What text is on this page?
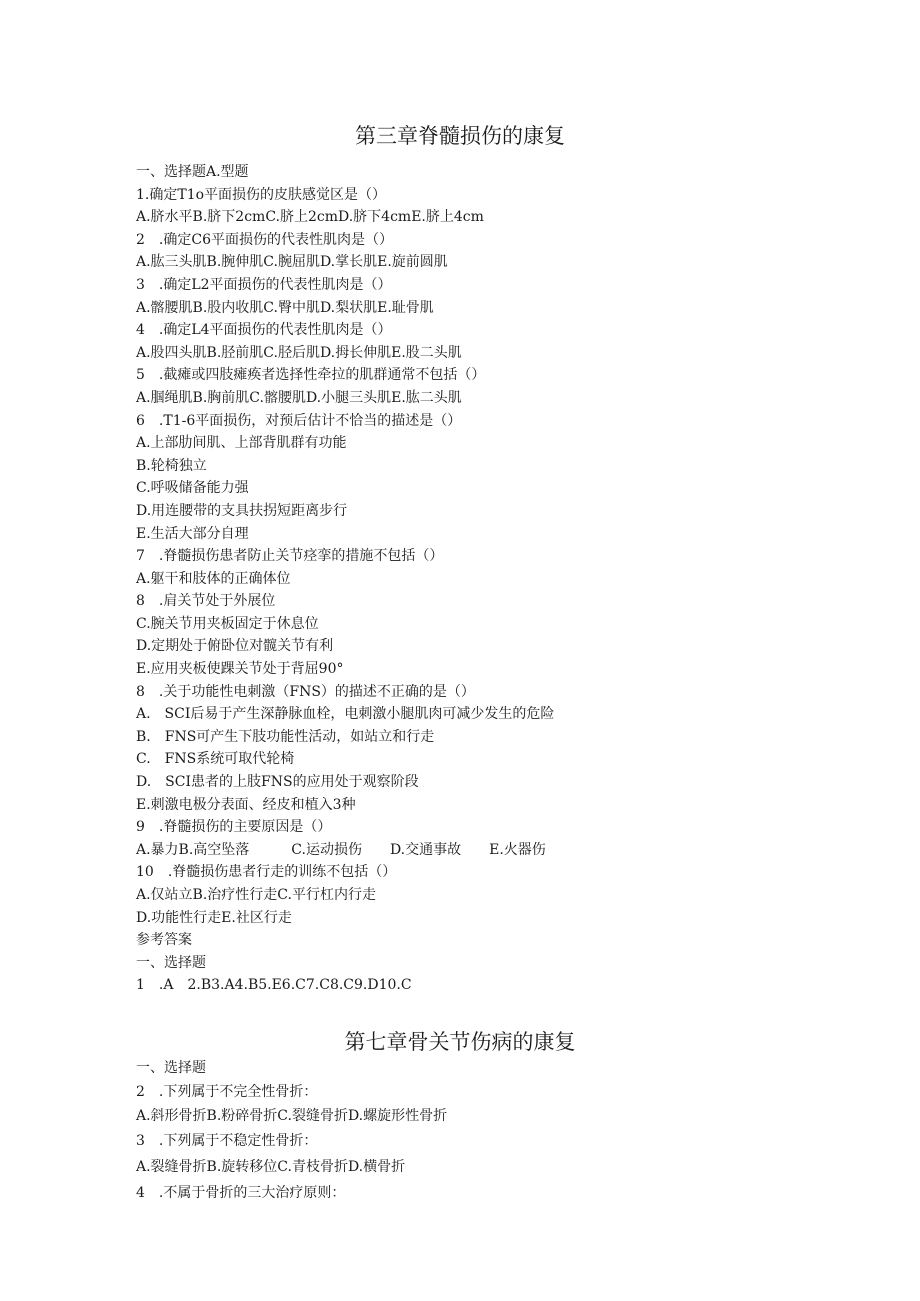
第三章脊髓损伤的康复
一、选择题A.型题
1.确定T1o平面损伤的皮肤感觉区是（）
A.脐水平B.脐下2cmC.脐上2cmD.脐下4cmE.脐上4cm
2　.确定C6平面损伤的代表性肌肉是（）
A.肱三头肌B.腕伸肌C.腕屈肌D.掌长肌E.旋前圆肌
3　.确定L2平面损伤的代表性肌肉是（）
A.髂腰肌B.股内收肌C.臀中肌D.梨状肌E.耻骨肌
4　.确定L4平面损伤的代表性肌肉是（）
A.股四头肌B.胫前肌C.胫后肌D.拇长伸肌E.股二头肌
5　.截瘫或四肢瘫痪者选择性牵拉的肌群通常不包括（）
A.腘绳肌B.胸前肌C.髂腰肌D.小腿三头肌E.肱二头肌
6　.T1-6平面损伤，对预后估计不恰当的描述是（）
A.上部肋间肌、上部背肌群有功能
B.轮椅独立
C.呼吸储备能力强
D.用连腰带的支具扶拐短距离步行
E.生活大部分自理
7　.脊髓损伤患者防止关节痉挛的措施不包括（）
A.躯干和肢体的正确体位
8　.肩关节处于外展位
C.腕关节用夹板固定于休息位
D.定期处于俯卧位对髋关节有利
E.应用夹板使踝关节处于背屈90°
8　.关于功能性电刺激（FNS）的描述不正确的是（）
A.　SCI后易于产生深静脉血栓，电刺激小腿肌肉可减少发生的危险
B.　FNS可产生下肢功能性活动，如站立和行走
C.　FNS系统可取代轮椅
D.　SCI患者的上肢FNS的应用处于观察阶段
E.刺激电极分表面、经皮和植入3种
9　.脊髓损伤的主要原因是（）
A.暴力B.高空坠落　　　C.运动损伤　　D.交通事故　　E.火器伤
10　.脊髓损伤患者行走的训练不包括（）
A.仅站立B.治疗性行走C.平行杠内行走
D.功能性行走E.社区行走
参考答案
一、选择题
1　.A　2.B3.A4.B5.E6.C7.C8.C9.D10.C
第七章骨关节伤病的康复
一、选择题
2　.下列属于不完全性骨折：
A.斜形骨折B.粉碎骨折C.裂缝骨折D.螺旋形性骨折
3　.下列属于不稳定性骨折：
A.裂缝骨折B.旋转移位C.青枝骨折D.横骨折
4　.不属于骨折的三大治疗原则：
